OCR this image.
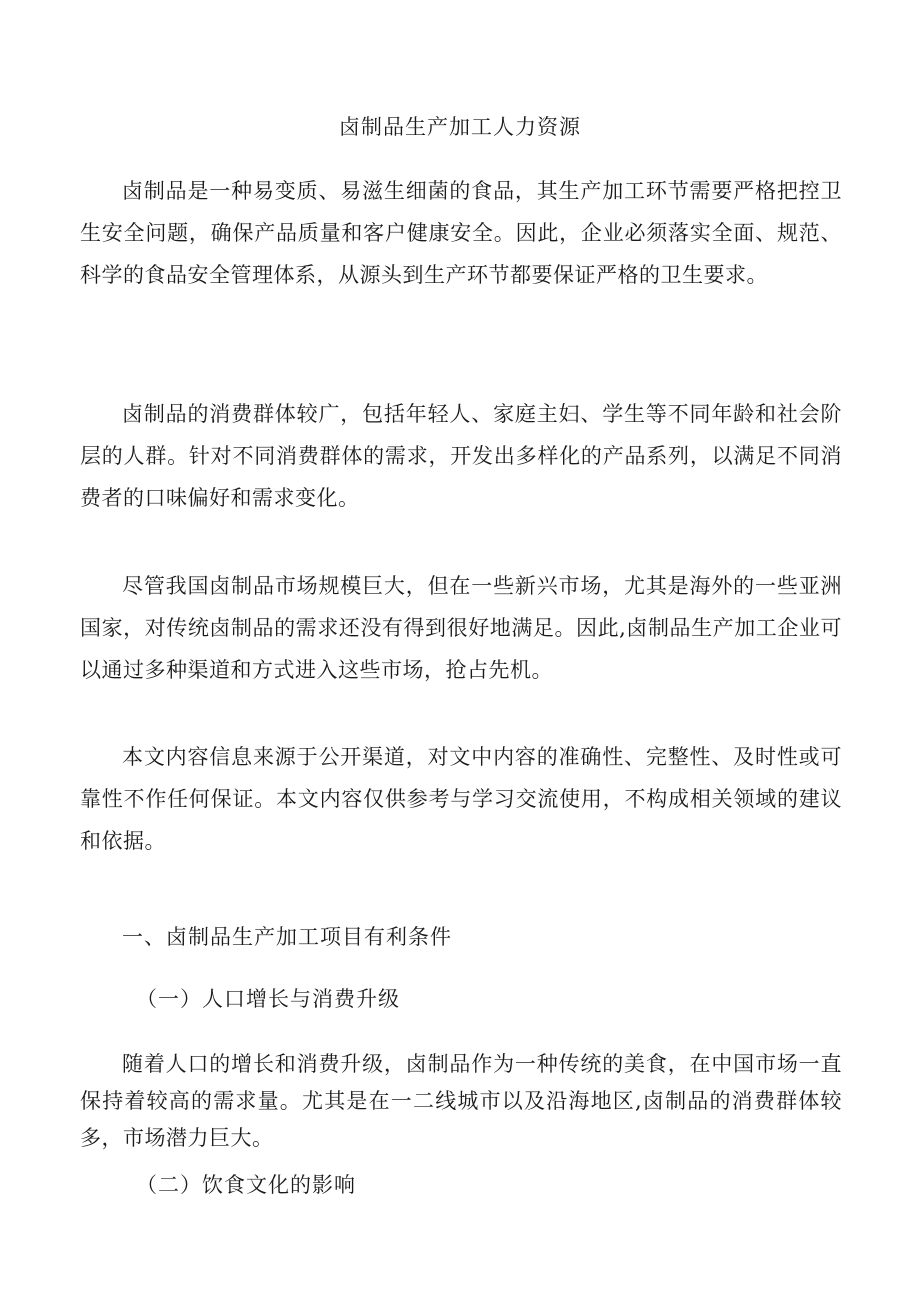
卤制品生产加工人力资源

卤制品是一种易变质、易滋生细菌的食品，其生产加工环节需要严格把控卫生安全问题，确保产品质量和客户健康安全。因此，企业必须落实全面、规范、科学的食品安全管理体系，从源头到生产环节都要保证严格的卫生要求。

卤制品的消费群体较广，包括年轻人、家庭主妇、学生等不同年龄和社会阶层的人群。针对不同消费群体的需求，开发出多样化的产品系列，以满足不同消费者的口味偏好和需求变化。

尽管我国卤制品市场规模巨大，但在一些新兴市场，尤其是海外的一些亚洲国家，对传统卤制品的需求还没有得到很好地满足。因此,卤制品生产加工企业可以通过多种渠道和方式进入这些市场，抢占先机。

本文内容信息来源于公开渠道，对文中内容的准确性、完整性、及时性或可靠性不作任何保证。本文内容仅供参考与学习交流使用，不构成相关领域的建议和依据。

一、卤制品生产加工项目有利条件
（一）人口增长与消费升级

随着人口的增长和消费升级，卤制品作为一种传统的美食，在中国市场一直保持着较高的需求量。尤其是在一二线城市以及沿海地区,卤制品的消费群体较多，市场潜力巨大。

（二）饮食文化的影响
